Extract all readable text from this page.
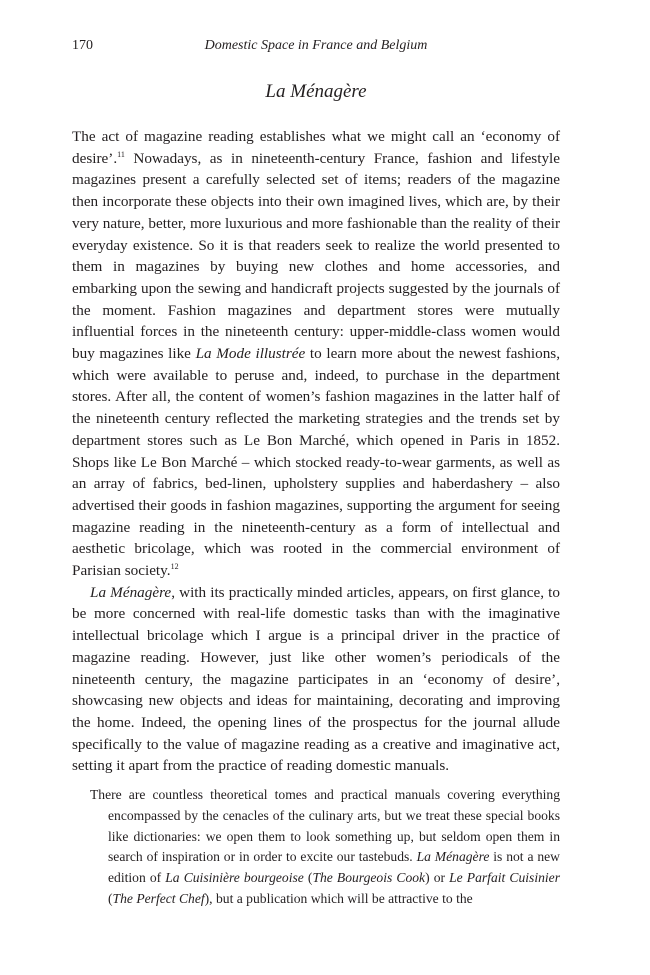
170	Domestic Space in France and Belgium
La Ménagère

The act of magazine reading establishes what we might call an ‘economy of desire’.$^{11}$ Nowadays, as in nineteenth-century France, fashion and lifestyle magazines present a carefully selected set of items; readers of the magazine then incorporate these objects into their own imagined lives, which are, by their very nature, better, more luxurious and more fashionable than the reality of their everyday existence. So it is that readers seek to realize the world presented to them in magazines by buying new clothes and home accessories, and embarking upon the sewing and handicraft projects suggested by the journals of the moment. Fashion magazines and department stores were mutually influential forces in the nineteenth century: upper-middle-class women would buy magazines like La Mode illustrée to learn more about the newest fashions, which were available to peruse and, indeed, to purchase in the department stores. After all, the content of women’s fashion magazines in the latter half of the nineteenth century reflected the marketing strategies and the trends set by department stores such as Le Bon Marché, which opened in Paris in 1852. Shops like Le Bon Marché – which stocked ready-to-wear garments, as well as an array of fabrics, bed-linen, upholstery supplies and haberdashery – also advertised their goods in fashion magazines, supporting the argument for seeing magazine reading in the nineteenth-century as a form of intellectual and aesthetic bricolage, which was rooted in the commercial environment of Parisian society.$^{12}$

La Ménagère, with its practically minded articles, appears, on first glance, to be more concerned with real-life domestic tasks than with the imaginative intellectual bricolage which I argue is a principal driver in the practice of magazine reading. However, just like other women’s periodicals of the nineteenth century, the magazine participates in an ‘economy of desire’, showcasing new objects and ideas for maintaining, decorating and improving the home. Indeed, the opening lines of the prospectus for the journal allude specifically to the value of magazine reading as a creative and imaginative act, setting it apart from the practice of reading domestic manuals.

There are countless theoretical tomes and practical manuals covering everything encompassed by the cenacles of the culinary arts, but we treat these special books like dictionaries: we open them to look something up, but seldom open them in search of inspiration or in order to excite our tastebuds. La Ménagère is not a new edition of La Cuisinière bourgeoise (The Bourgeois Cook) or Le Parfait Cuisinier (The Perfect Chef), but a publication which will be attractive to the
